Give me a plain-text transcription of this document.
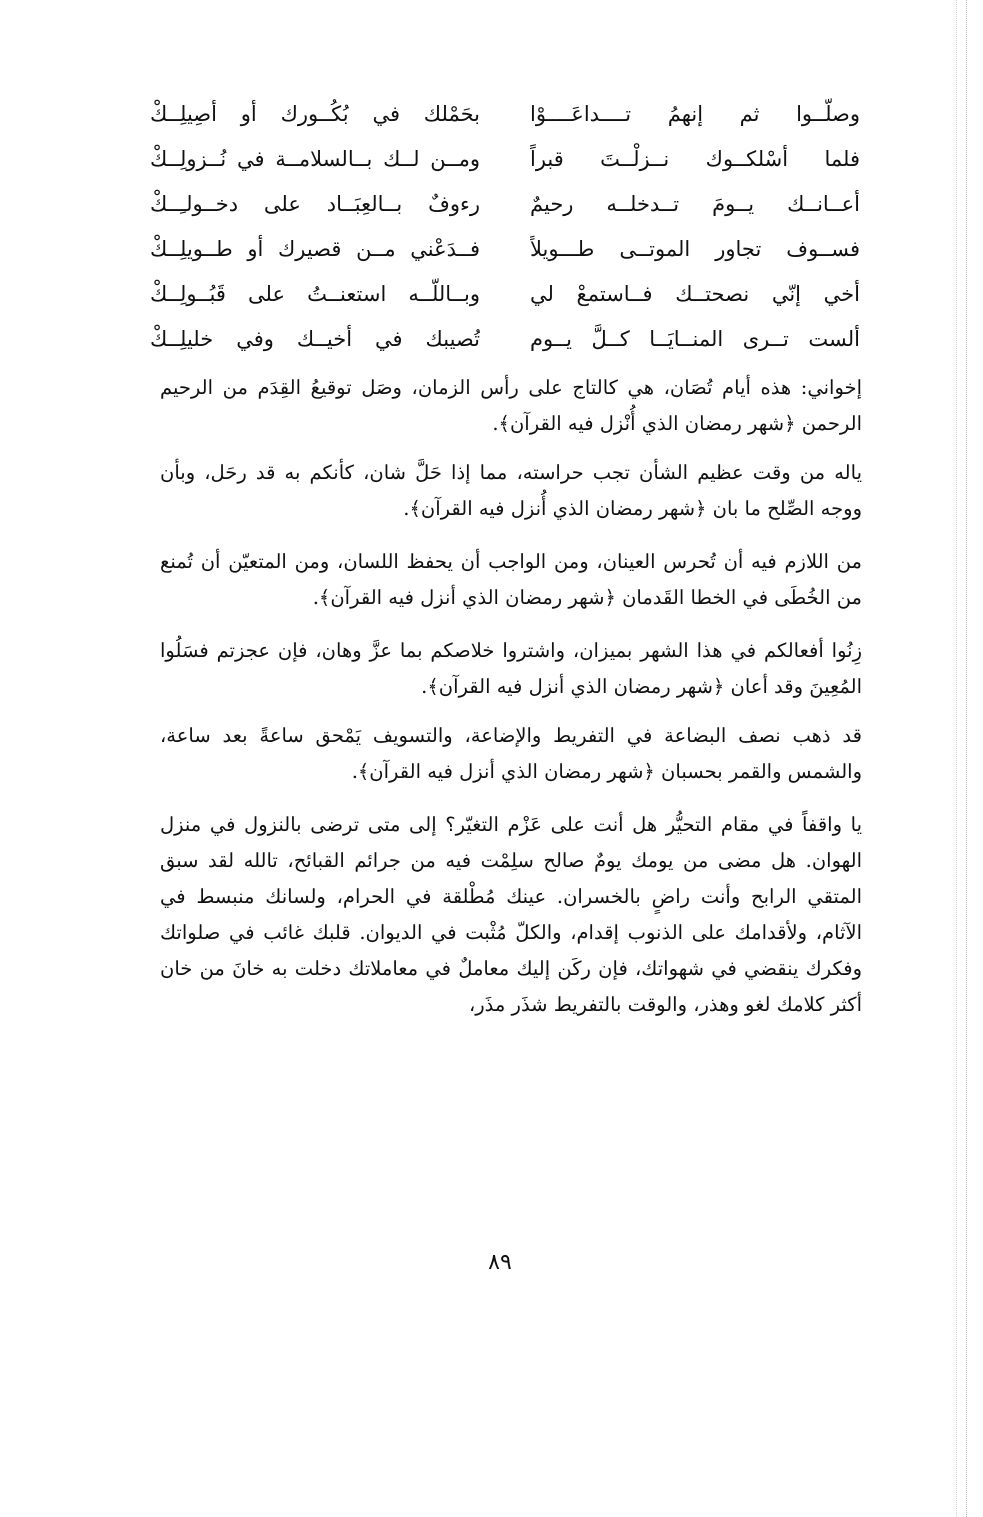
وصلّــوا ثم إنهمُ تــــداعَــــوْا
بحَمْلك في بُكُــورك أو أصِيلِــكْ
فلما أسْلكــوك نــزلْــتَ قبراً
ومــن لــك بــالسلامــة في نُــزولِــكْ
أعــانــك يــومَ تــدخلــه رحيمٌ
رءوفٌ بــالعِبَــاد على دخــولـِــكْ
فســوف تجاور الموتــى طـــويلاً
فــدَعْني مــن قصيرك أو طــويلِــكْ
أخي إنّي نصحتــك فــاستمعْ لي
وبــاللّــه استعنــتُ على قَبُــولِــكْ
ألست تــرى المنــايَــا كــلَّ يــوم
تُصيبك في أخيــك وفي خليلِــكْ

إخواني: هذه أيام تُصَان، هي كالتاج على رأس الزمان، وصَل توقيعُ القِدَم من الرحيم الرحمن ﴿شهر رمضان الذي أُنْزل فيه القرآن﴾.

ياله من وقت عظيم الشأن تجب حراسته، مما إذا حَلَّ شان، كأنكم به قد رحَل، وبأن ووجه الصِّلح ما بان ﴿شهر رمضان الذي أُنزل فيه القرآن﴾.

من اللازم فيه أن تُحرس العينان، ومن الواجب أن يحفظ اللسان، ومن المتعيّن أن تُمنع من الخُطَى في الخطا القَدمان ﴿شهر رمضان الذي أنزل فيه القرآن﴾.

زِنُوا أفعالكم في هذا الشهر بميزان، واشتروا خلاصكم بما عزَّ وهان، فإن عجزتم فسَلُوا المُعِينَ وقد أعان ﴿شهر رمضان الذي أنزل فيه القرآن﴾.

قد ذهب نصف البضاعة في التفريط والإضاعة، والتسويف يَمْحق ساعةً بعد ساعة، والشمس والقمر بحسبان ﴿شهر رمضان الذي أنزل فيه القرآن﴾.

يا واقفاً في مقام التحيُّر هل أنت على عَزْم التغيّر؟ إلى متى ترضى بالنزول في منزل الهوان. هل مضى من يومك يومٌ صالح سلِمْت فيه من جرائم القبائح، تالله لقد سبق المتقي الرابح وأنت راضٍ بالخسران. عينك مُطْلقة في الحرام، ولسانك منبسط في الآثام، ولأقدامك على الذنوب إقدام، والكلّ مُثْبت في الديوان. قلبك غائب في صلواتك وفكرك ينقضي في شهواتك، فإن ركَن إليك معاملٌ في معاملاتك دخلت به خانَ من خان أكثر كلامك لغو وهذر، والوقت بالتفريط شذَر مذَر،

٨٩
